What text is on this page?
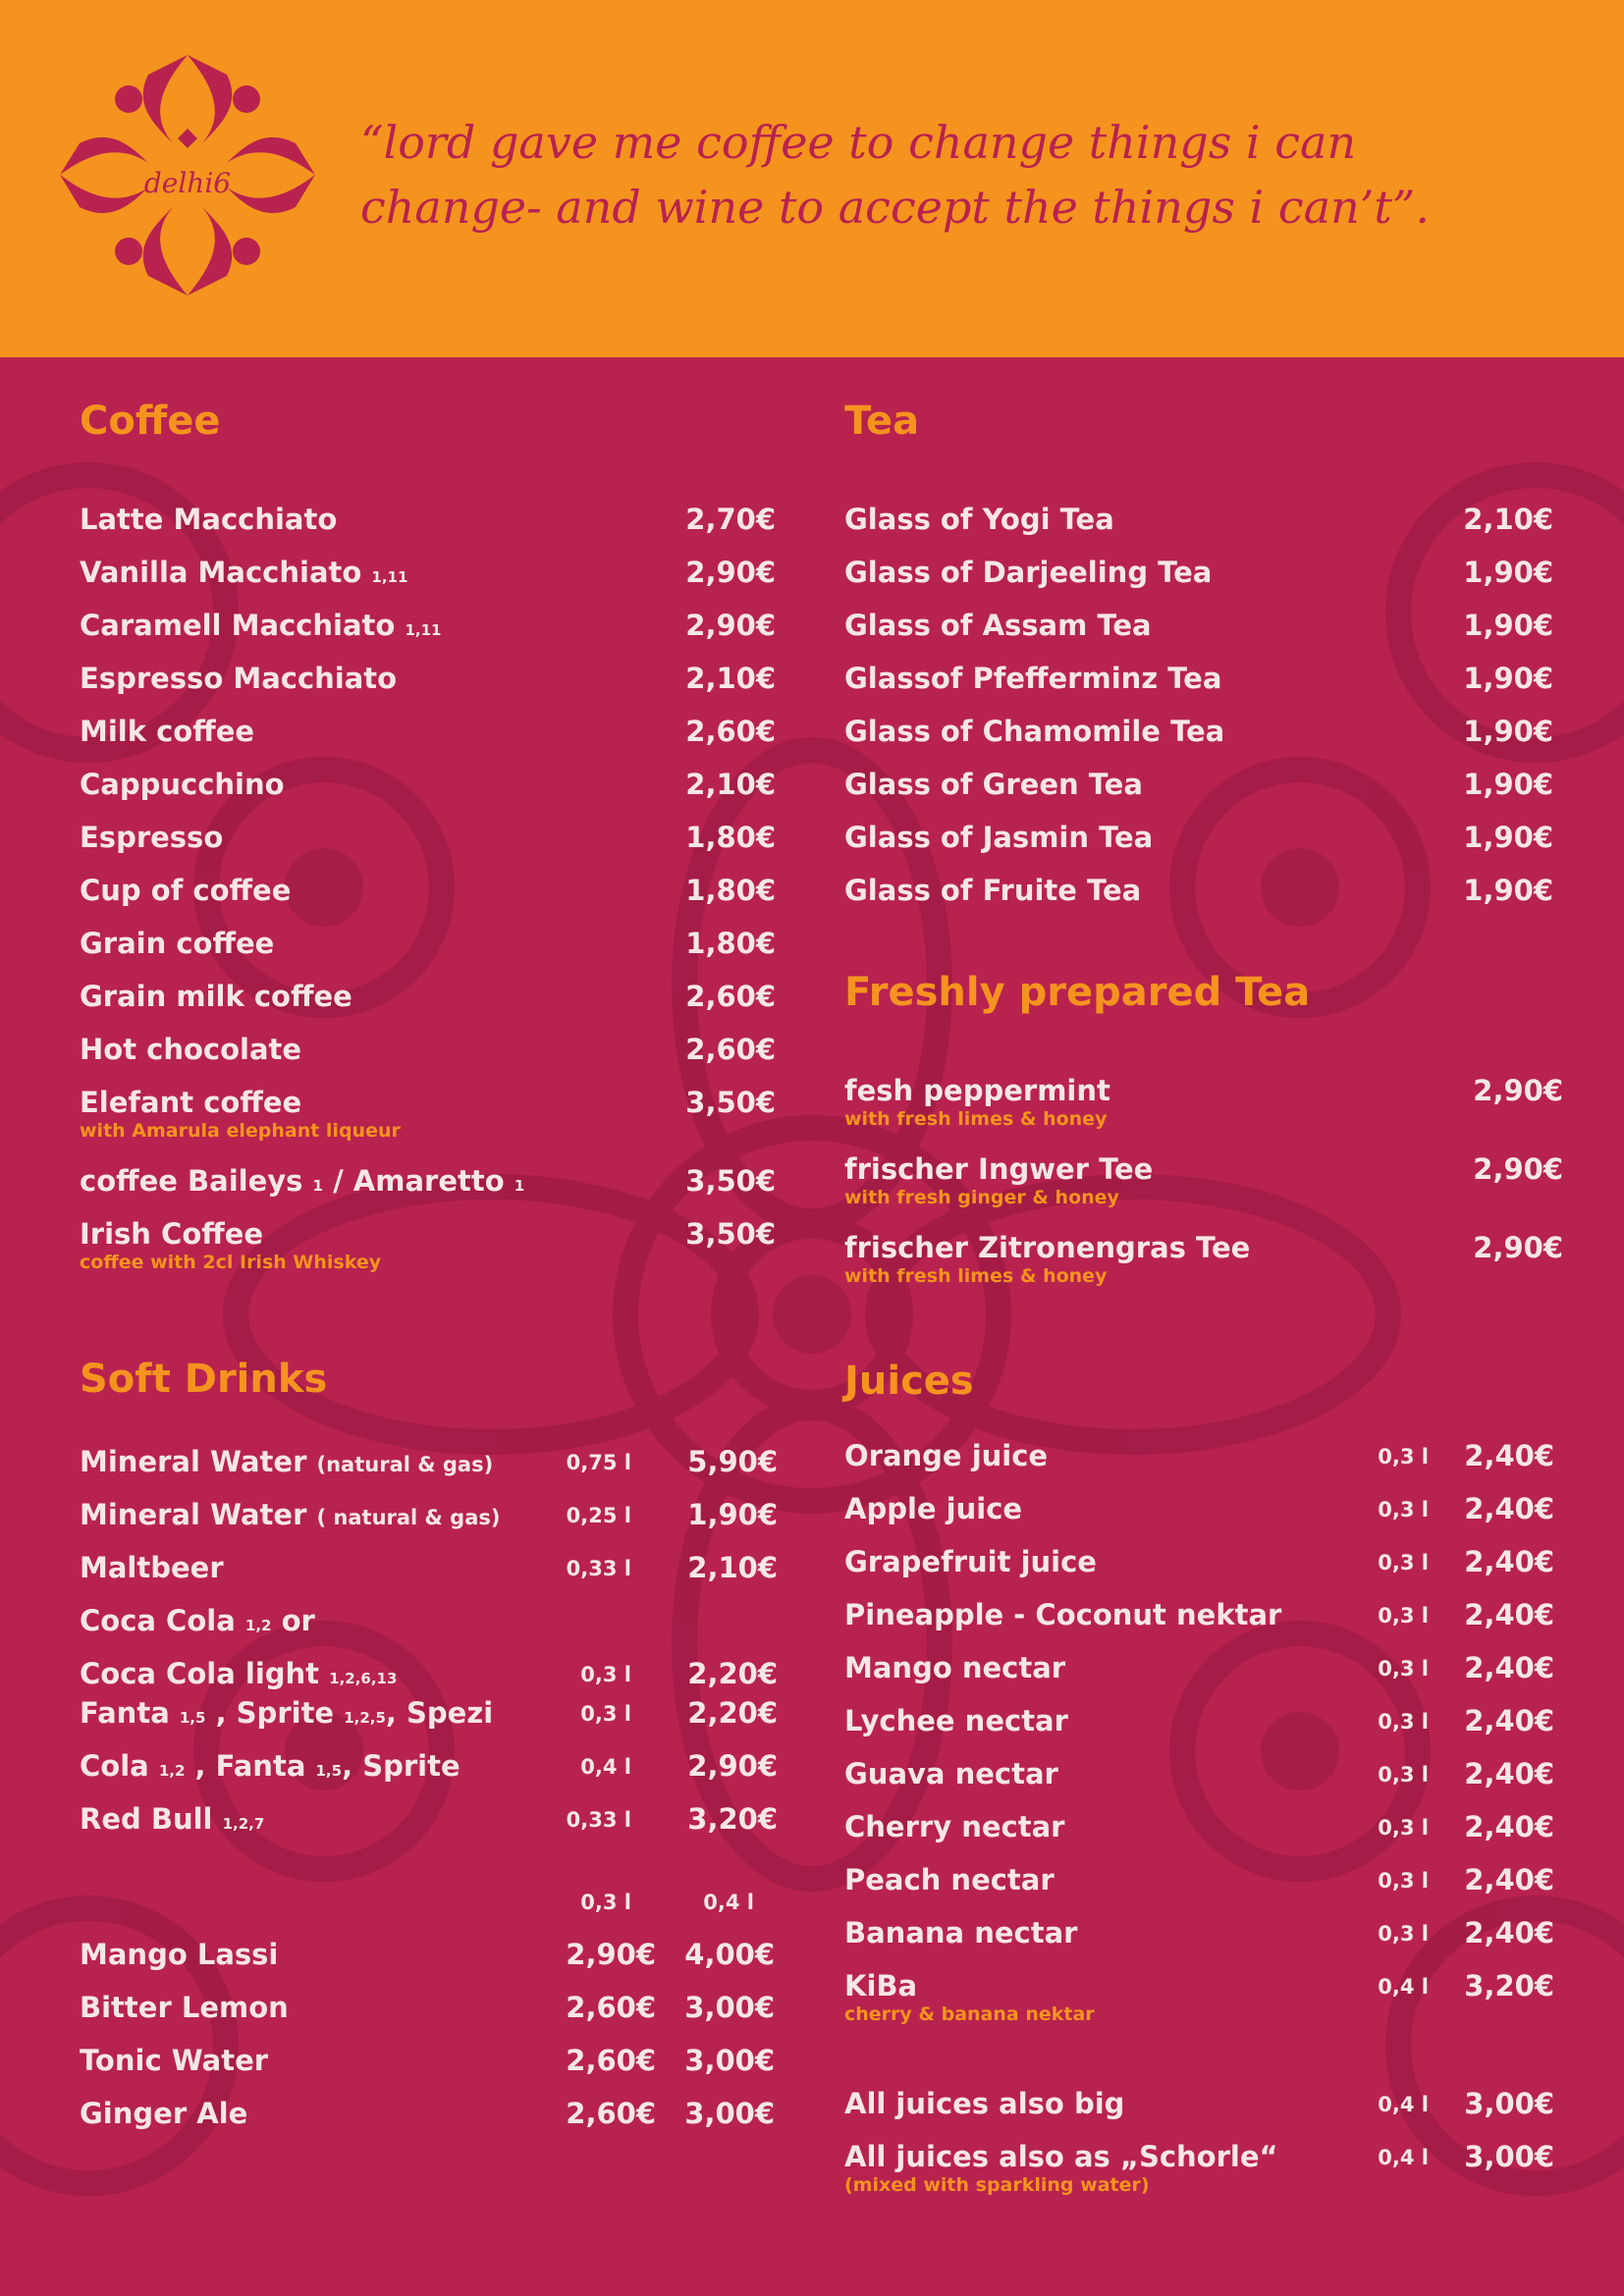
delhi6
“lord gave me coffee to change things i can
change- and wine to accept the things i can’t”.
Coffee
Latte Macchiato	2,70€
Vanilla Macchiato 1,11	2,90€
Caramell Macchiato 1,11	2,90€
Espresso Macchiato	2,10€
Milk coffee	2,60€
Cappucchino	2,10€
Espresso	1,80€
Cup of coffee	1,80€
Grain coffee	1,80€
Grain milk coffee	2,60€
Hot chocolate	2,60€
Elefant coffee	3,50€
with Amarula elephant liqueur
coffee Baileys 1 / Amaretto 1	3,50€
Irish Coffee	3,50€
coffee with 2cl Irish Whiskey
Tea
Glass of Yogi Tea	2,10€
Glass of Darjeeling Tea	1,90€
Glass of Assam Tea	1,90€
Glassof Pfefferminz Tea	1,90€
Glass of Chamomile Tea	1,90€
Glass of Green Tea	1,90€
Glass of Jasmin Tea	1,90€
Glass of Fruite Tea	1,90€
Freshly prepared Tea
fesh peppermint	2,90€
with fresh limes & honey
frischer Ingwer Tee	2,90€
with fresh ginger & honey
frischer Zitronengras Tee	2,90€
with fresh limes & honey
Soft Drinks
Mineral Water (natural & gas)	0,75 l 5,90€
Mineral Water ( natural & gas)	0,25 l 1,90€
Maltbeer	0,33 l 2,10€
Coca Cola 1,2 or
Coca Cola light 1,2,6,13	0,3 l 2,20€
Fanta 1,5 , Sprite 1,2,5, Spezi	0,3 l 2,20€
Cola 1,2 , Fanta 1,5, Sprite	0,4 l 2,90€
Red Bull 1,2,7	0,33 l 3,20€
0,3 l	0,4 l
Mango Lassi	2,90€ 4,00€
Bitter Lemon	2,60€ 3,00€
Tonic Water	2,60€ 3,00€
Ginger Ale	2,60€ 3,00€
Juices
Orange juice	0,3 l 2,40€
Apple juice	0,3 l 2,40€
Grapefruit juice	0,3 l 2,40€
Pineapple - Coconut nektar	0,3 l 2,40€
Mango nectar	0,3 l 2,40€
Lychee nectar	0,3 l 2,40€
Guava nectar	0,3 l 2,40€
Cherry nectar	0,3 l 2,40€
Peach nectar	0,3 l 2,40€
Banana nectar	0,3 l 2,40€
KiBa	0,4 l 3,20€
cherry & banana nektar
All juices also big	0,4 l 3,00€
All juices also as „Schorle“	0,4 l 3,00€
(mixed with sparkling water)
